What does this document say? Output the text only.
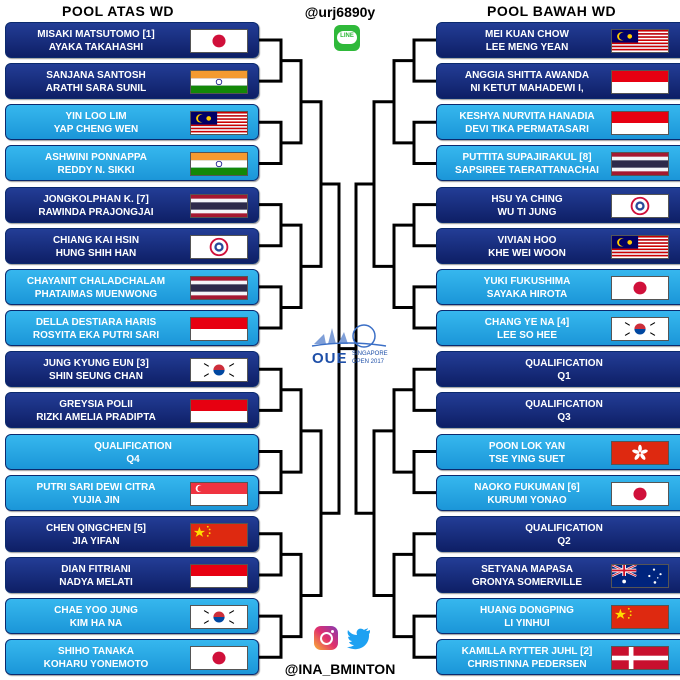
POOL ATAS WD	POOL BAWAH WD
@urj6890y
LINE
MISAKI MATSUTOMO [1]
AYAKA TAKAHASHI
SANJANA SANTOSH
ARATHI SARA SUNIL
YIN LOO LIM
YAP CHENG WEN
ASHWINI PONNAPPA
REDDY N. SIKKI
JONGKOLPHAN K. [7]
RAWINDA PRAJONGJAI
CHIANG KAI HSIN
HUNG SHIH HAN
CHAYANIT CHALADCHALAM
PHATAIMAS MUENWONG
DELLA DESTIARA HARIS
ROSYITA EKA PUTRI SARI
JUNG KYUNG EUN [3]
SHIN SEUNG CHAN
GREYSIA POLII
RIZKI AMELIA PRADIPTA
QUALIFICATION
Q4
PUTRI SARI DEWI CITRA
YUJIA JIN
CHEN QINGCHEN [5]
JIA YIFAN
DIAN FITRIANI
NADYA MELATI
CHAE YOO JUNG
KIM HA NA
SHIHO TANAKA
KOHARU YONEMOTO
MEI KUAN CHOW
LEE MENG YEAN
ANGGIA SHITTA AWANDA
NI KETUT MAHADEWI I,
KESHYA NURVITA HANADIA
DEVI TIKA PERMATASARI
PUTTITA SUPAJIRAKUL [8]
SAPSIREE TAERATTANACHAI
HSU YA CHING
WU TI JUNG
VIVIAN HOO
KHE WEI WOON
YUKI FUKUSHIMA
SAYAKA HIROTA
CHANG YE NA [4]
LEE SO HEE
QUALIFICATION
Q1
QUALIFICATION
Q3
POON LOK YAN
TSE YING SUET
NAOKO FUKUMAN [6]
KURUMI YONAO
QUALIFICATION
Q2
SETYANA MAPASA
GRONYA SOMERVILLE
HUANG DONGPING
LI YINHUI
KAMILLA RYTTER JUHL [2]
CHRISTINNA PEDERSEN
OUE SINGAPORE
OPEN 2017
@INA_BMINTON
